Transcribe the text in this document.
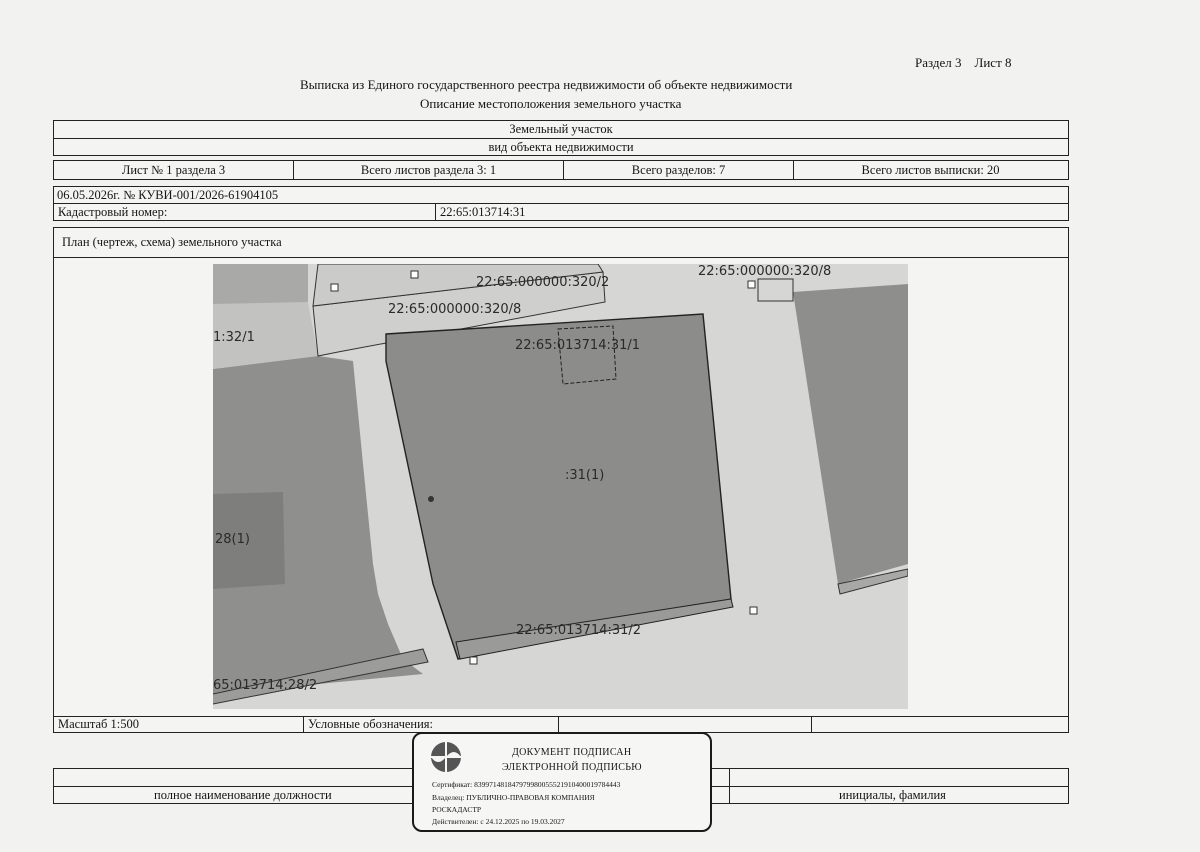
Раздел 3    Лист 8
Выписка из Единого государственного реестра недвижимости об объекте недвижимости
Описание местоположения земельного участка
Земельный участок
вид объекта недвижимости
Лист № 1 раздела 3	Всего листов раздела 3: 1	Всего разделов: 7	Всего листов выписки: 20
06.05.2026г. № КУВИ-001/2026-61904105
Кадастровый номер:	22:65:013714:31
План (чертеж, схема) земельного участка
22:65:000000:320/2
22:65:000000:320/8
22:65:000000:320/8
22:65:013714:31/1
:31(1)
1:32/1
28(1)
22:65:013714:31/2
65:013714:28/2
Масштаб 1:500	Условные обозначения:
полное наименование должности	инициалы, фамилия
ДОКУМЕНТ ПОДПИСАН
ЭЛЕКТРОННОЙ ПОДПИСЬЮ
Сертификат: 839971481847979980055521910400019784443
Владелец: ПУБЛИЧНО-ПРАВОВАЯ КОМПАНИЯ
РОСКАДАСТР
Действителен: с 24.12.2025 по 19.03.2027
